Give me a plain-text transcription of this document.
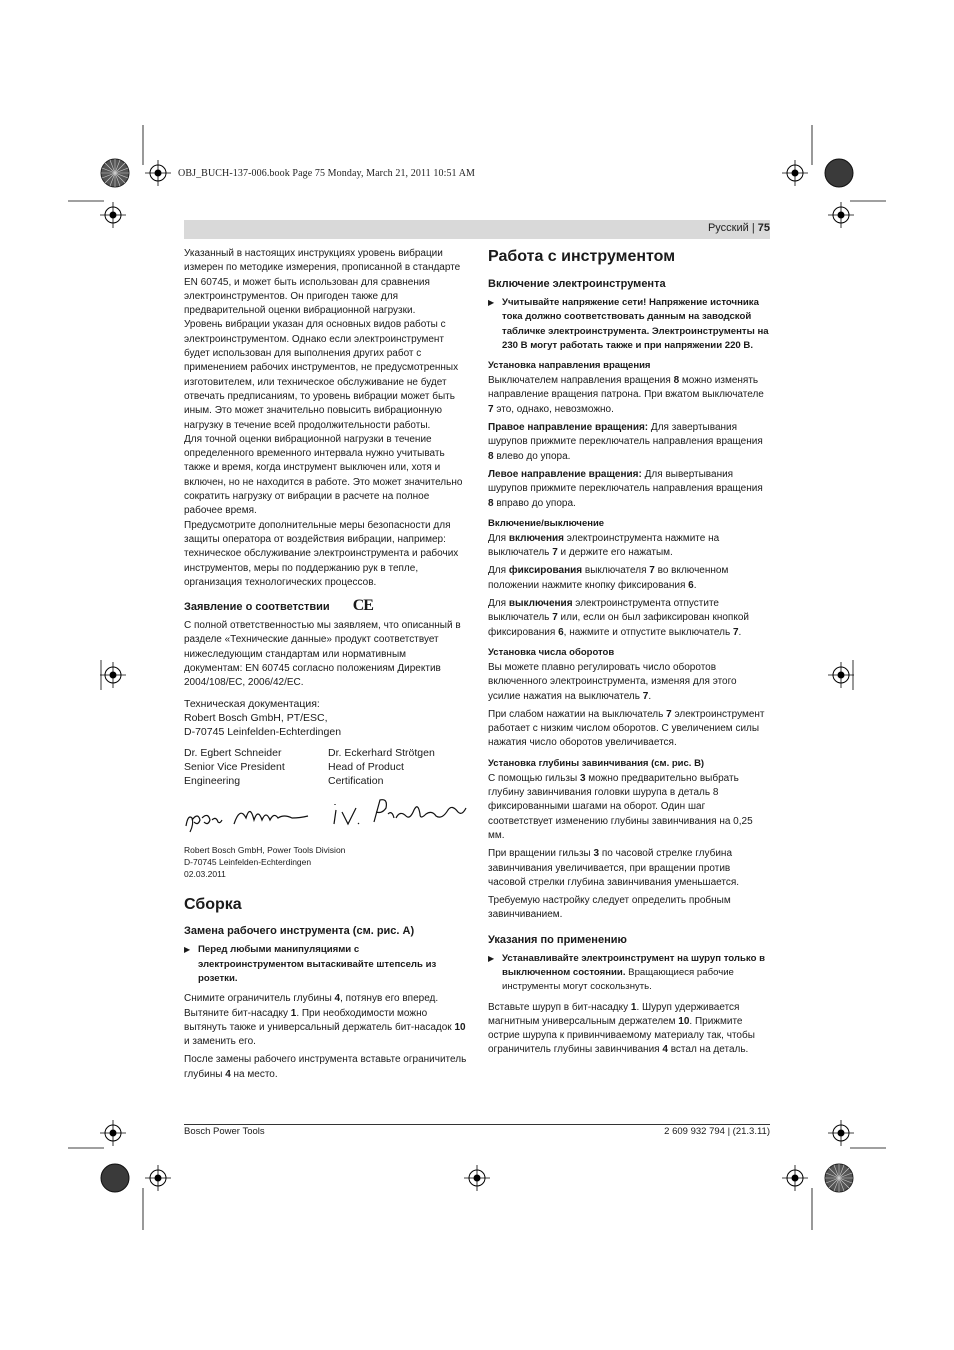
OBJ_BUCH-137-006.book Page 75 Monday, March 21, 2011 10:51 AM
Русский | 75

Указанный в настоящих инструкциях уровень вибрации измерен по методике измерения, прописанной в стандарте EN 60745, и может быть использован для сравнения электроинструментов. Он пригоден также для предварительной оценки вибрационной нагрузки.

Уровень вибрации указан для основных видов работы с электроинструментом. Однако если электроинструмент будет использован для выполнения других работ с применением рабочих инструментов, не предусмотренных изготовителем, или техническое обслуживание не будет отвечать предписаниям, то уровень вибрации может быть иным. Это может значительно повысить вибрационную нагрузку в течение всей продолжительности работы.

Для точной оценки вибрационной нагрузки в течение определенного временного интервала нужно учитывать также и время, когда инструмент выключен или, хотя и включен, но не находится в работе. Это может значительно сократить нагрузку от вибрации в расчете на полное рабочее время.

Предусмотрите дополнительные меры безопасности для защиты оператора от воздействия вибрации, например: техническое обслуживание электроинструмента и рабочих инструментов, меры по поддержанию рук в тепле, организация технологических процессов.

Заявление о соответствии CE

С полной ответственностью мы заявляем, что описанный в разделе «Технические данные» продукт соответствует нижеследующим стандартам или нормативным документам: EN 60745 согласно положениям Директив 2004/108/EC, 2006/42/EC.

Техническая документация:
Robert Bosch GmbH, PT/ESC,
D-70745 Leinfelden-Echterdingen
Dr. Egbert Schneider	Dr. Eckerhard Strötgen
Senior Vice President	Head of Product
Engineering	Certification
Robert Bosch GmbH, Power Tools Division
D-70745 Leinfelden-Echterdingen
02.03.2011
Сборка
Замена рабочего инструмента (см. рис. А)
▶ Перед любыми манипуляциями с электроинструментом вытаскивайте штепсель из розетки.

Снимите ограничитель глубины 4, потянув его вперед. Вытяните бит-насадку 1. При необходимости можно вытянуть также и универсальный держатель бит-насадок 10 и заменить его.

После замены рабочего инструмента вставьте ограничитель глубины 4 на место.

Работа с инструментом
Включение электроинструмента
▶ Учитывайте напряжение сети! Напряжение источника тока должно соответствовать данным на заводской табличке электроинструмента. Электроинструменты на 230 В могут работать также и при напряжении 220 В.
Установка направления вращения

Выключателем направления вращения 8 можно изменять направление вращения патрона. При вжатом выключателе 7 это, однако, невозможно.

Правое направление вращения: Для завертывания шурупов прижмите переключатель направления вращения 8 влево до упора.

Левое направление вращения: Для вывертывания шурупов прижмите переключатель направления вращения 8 вправо до упора.

Включение/выключение

Для включения электроинструмента нажмите на выключатель 7 и держите его нажатым.

Для фиксирования выключателя 7 во включенном положении нажмите кнопку фиксирования 6.

Для выключения электроинструмента отпустите выключатель 7 или, если он был зафиксирован кнопкой фиксирования 6, нажмите и отпустите выключатель 7.

Установка числа оборотов

Вы можете плавно регулировать число оборотов включенного электроинструмента, изменяя для этого усилие нажатия на выключатель 7.

При слабом нажатии на выключатель 7 электроинструмент работает с низким числом оборотов. С увеличением силы нажатия число оборотов увеличивается.

Установка глубины завинчивания (см. рис. В)

С помощью гильзы 3 можно предварительно выбрать глубину завинчивания головки шурупа в деталь 8 фиксированными шагами на оборот. Один шаг соответствует изменению глубины завинчивания на 0,25 мм.

При вращении гильзы 3 по часовой стрелке глубина завинчивания увеличивается, при вращении против часовой стрелки глубина завинчивания уменьшается.

Требуемую настройку следует определить пробным завинчиванием.

Указания по применению
▶ Устанавливайте электроинструмент на шуруп только в выключенном состоянии. Вращающиеся рабочие инструменты могут соскользнуть.

Вставьте шуруп в бит-насадку 1. Шуруп удерживается магнитным универсальным держателем 10. Прижмите острие шурупа к привинчиваемому материалу так, чтобы ограничитель глубины завинчивания 4 встал на деталь.

Bosch Power Tools	2 609 932 794 | (21.3.11)
